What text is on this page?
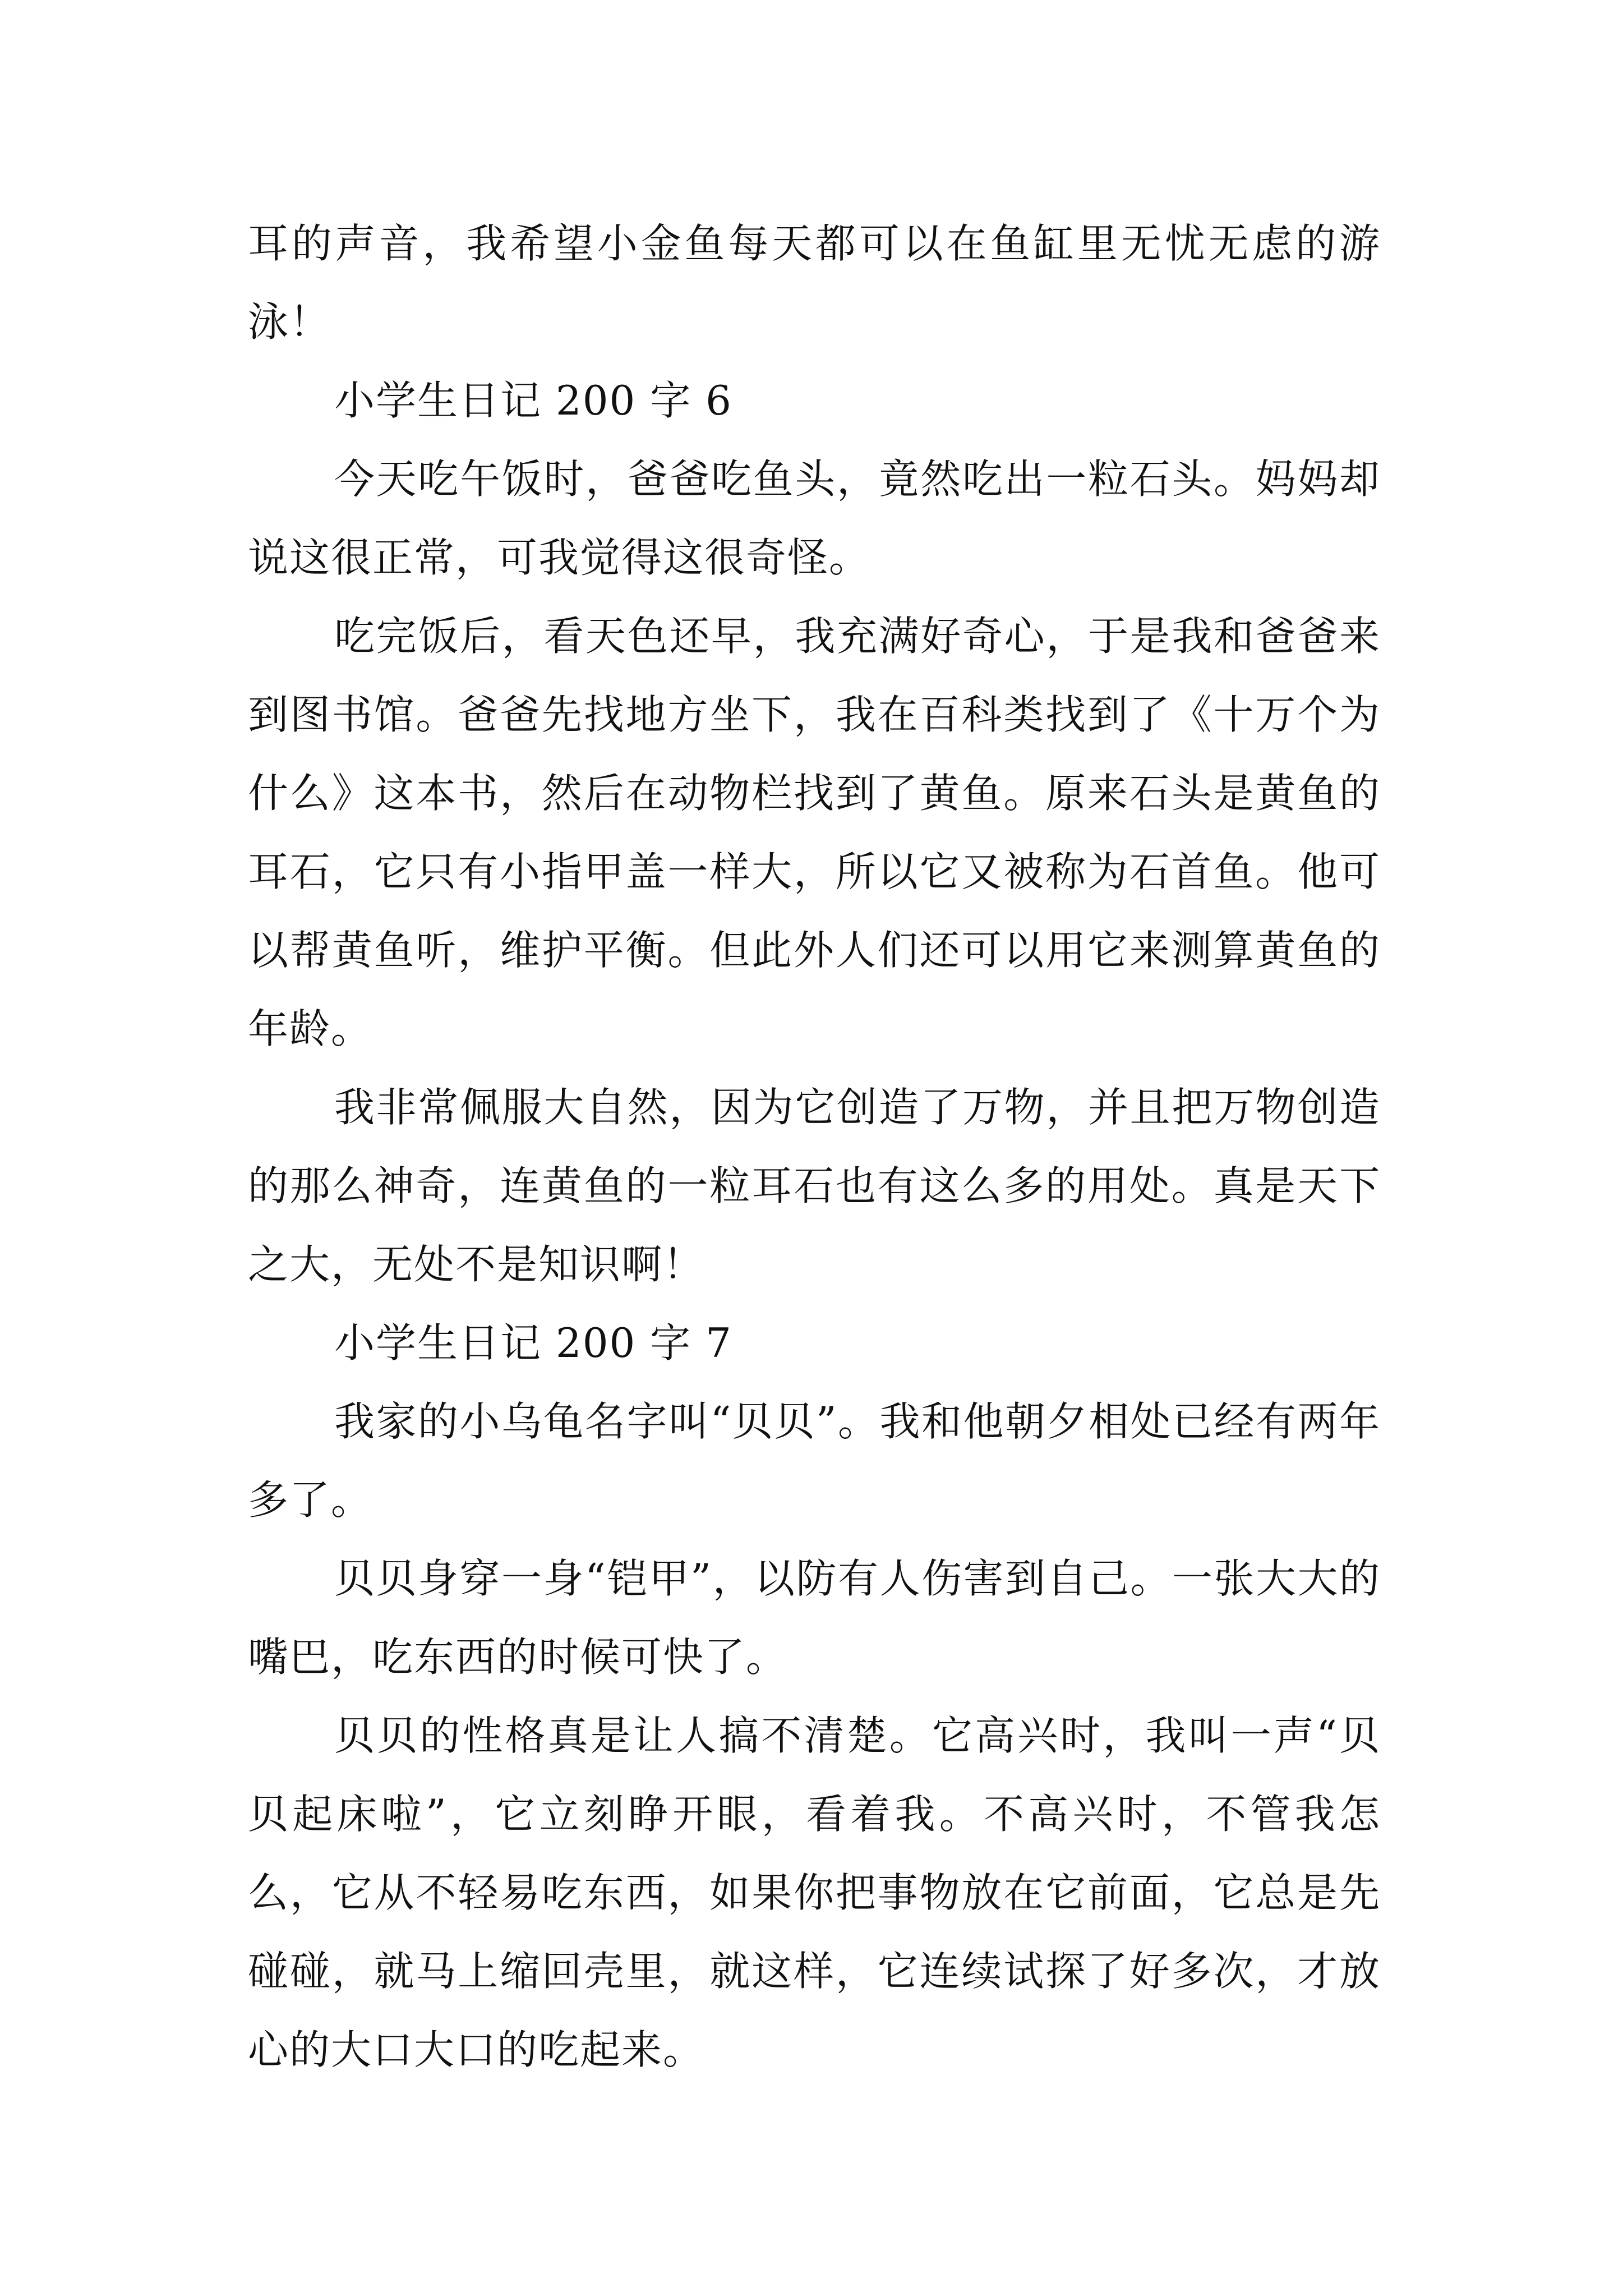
耳的声音，我希望小金鱼每天都可以在鱼缸里无忧无虑的游泳！

小学生日记 200 字 6

今天吃午饭时，爸爸吃鱼头，竟然吃出一粒石头。妈妈却说这很正常，可我觉得这很奇怪。

吃完饭后，看天色还早，我充满好奇心，于是我和爸爸来到图书馆。爸爸先找地方坐下，我在百科类找到了《十万个为什么》这本书，然后在动物栏找到了黄鱼。原来石头是黄鱼的耳石，它只有小指甲盖一样大，所以它又被称为石首鱼。他可以帮黄鱼听，维护平衡。但此外人们还可以用它来测算黄鱼的年龄。

我非常佩服大自然，因为它创造了万物，并且把万物创造的那么神奇，连黄鱼的一粒耳石也有这么多的用处。真是天下之大，无处不是知识啊！

小学生日记 200 字 7

我家的小乌龟名字叫“贝贝”。我和他朝夕相处已经有两年多了。

贝贝身穿一身“铠甲”，以防有人伤害到自己。一张大大的嘴巴，吃东西的时候可快了。

贝贝的性格真是让人搞不清楚。它高兴时，我叫一声“贝贝起床啦”，它立刻睁开眼，看着我。不高兴时，不管我怎么，它从不轻易吃东西，如果你把事物放在它前面，它总是先碰碰，就马上缩回壳里，就这样，它连续试探了好多次，才放心的大口大口的吃起来。
